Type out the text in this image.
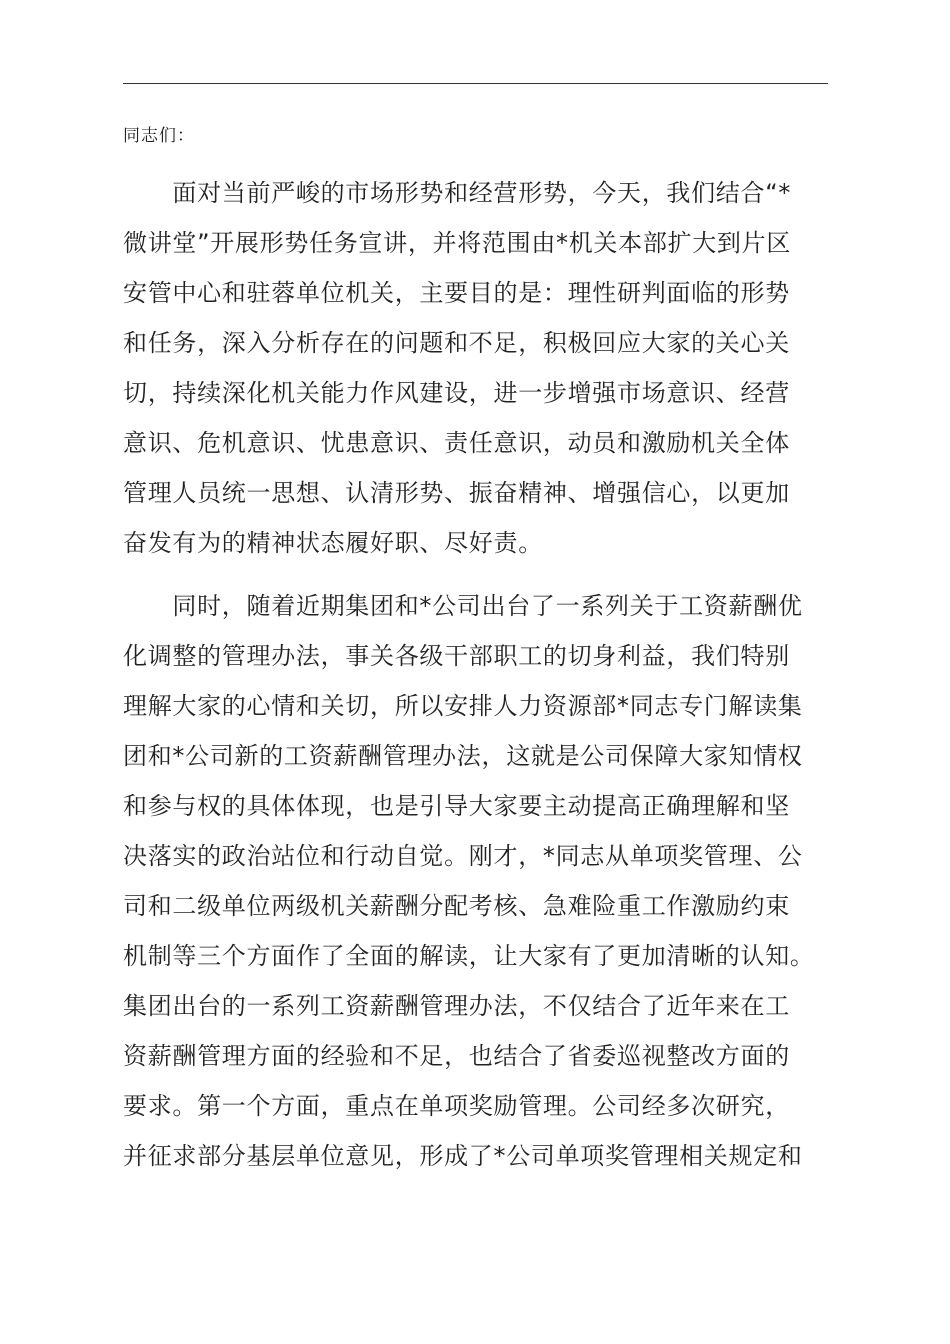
同志们：

　　面对当前严峻的市场形势和经营形势，今天，我们结合“*
微讲堂”开展形势任务宣讲，并将范围由*机关本部扩大到片区
安管中心和驻蓉单位机关，主要目的是：理性研判面临的形势
和任务，深入分析存在的问题和不足，积极回应大家的关心关
切，持续深化机关能力作风建设，进一步增强市场意识、经营
意识、危机意识、忧患意识、责任意识，动员和激励机关全体
管理人员统一思想、认清形势、振奋精神、增强信心，以更加
奋发有为的精神状态履好职、尽好责。
　　同时，随着近期集团和*公司出台了一系列关于工资薪酬优
化调整的管理办法，事关各级干部职工的切身利益，我们特别
理解大家的心情和关切，所以安排人力资源部*同志专门解读集
团和*公司新的工资薪酬管理办法，这就是公司保障大家知情权
和参与权的具体体现，也是引导大家要主动提高正确理解和坚
决落实的政治站位和行动自觉。刚才，*同志从单项奖管理、公
司和二级单位两级机关薪酬分配考核、急难险重工作激励约束
机制等三个方面作了全面的解读，让大家有了更加清晰的认知。
集团出台的一系列工资薪酬管理办法，不仅结合了近年来在工
资薪酬管理方面的经验和不足，也结合了省委巡视整改方面的
要求。第一个方面，重点在单项奖励管理。公司经多次研究，
并征求部分基层单位意见，形成了*公司单项奖管理相关规定和
